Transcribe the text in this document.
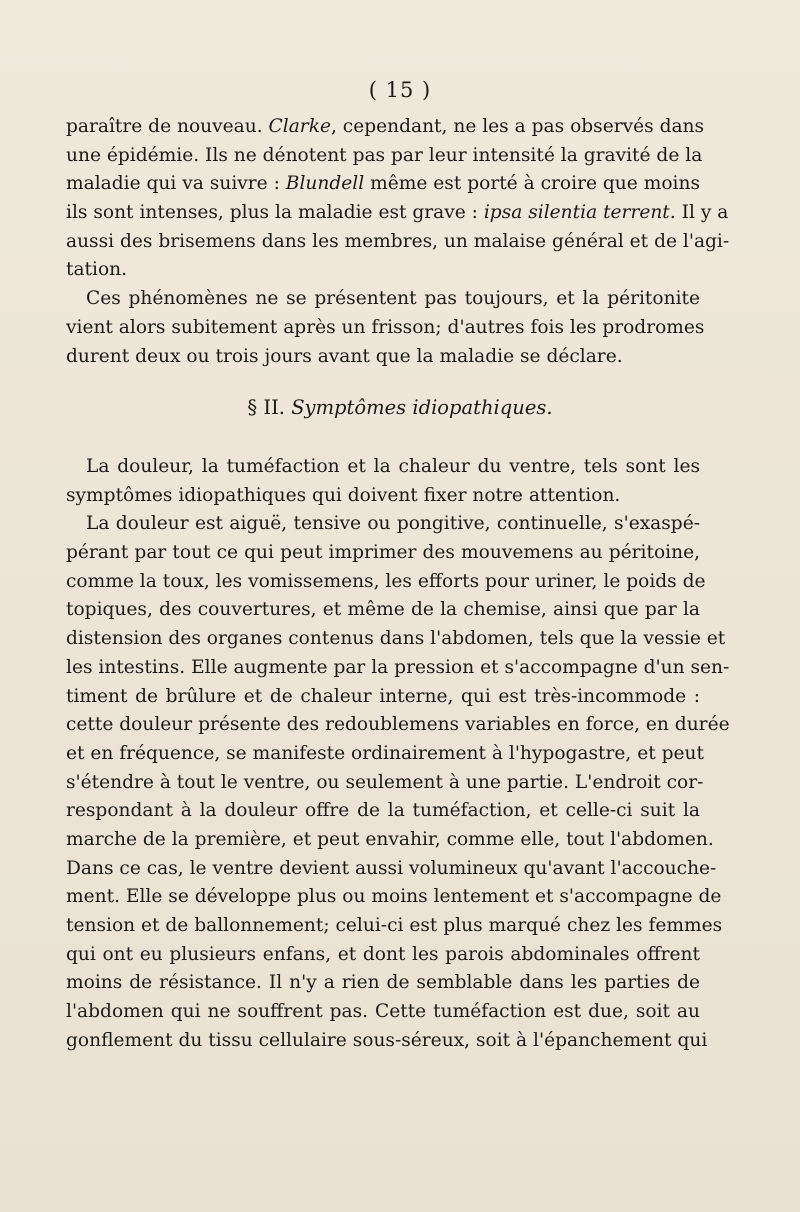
( 15 )
paraître de nouveau. Clarke, cependant, ne les a pas observés dans
une épidémie. Ils ne dénotent pas par leur intensité la gravité de la
maladie qui va suivre : Blundell même est porté à croire que moins
ils sont intenses, plus la maladie est grave : ipsa silentia terrent. Il y a
aussi des brisemens dans les membres, un malaise général et de l'agi-
tation.
Ces phénomènes ne se présentent pas toujours, et la péritonite
vient alors subitement après un frisson; d'autres fois les prodromes
durent deux ou trois jours avant que la maladie se déclare.
§ II. Symptômes idiopathiques.
La douleur, la tuméfaction et la chaleur du ventre, tels sont les
symptômes idiopathiques qui doivent fixer notre attention.
La douleur est aiguë, tensive ou pongitive, continuelle, s'exaspé-
pérant par tout ce qui peut imprimer des mouvemens au péritoine,
comme la toux, les vomissemens, les efforts pour uriner, le poids de
topiques, des couvertures, et même de la chemise, ainsi que par la
distension des organes contenus dans l'abdomen, tels que la vessie et
les intestins. Elle augmente par la pression et s'accompagne d'un sen-
timent de brûlure et de chaleur interne, qui est très-incommode :
cette douleur présente des redoublemens variables en force, en durée
et en fréquence, se manifeste ordinairement à l'hypogastre, et peut
s'étendre à tout le ventre, ou seulement à une partie. L'endroit cor-
respondant à la douleur offre de la tuméfaction, et celle-ci suit la
marche de la première, et peut envahir, comme elle, tout l'abdomen.
Dans ce cas, le ventre devient aussi volumineux qu'avant l'accouche-
ment. Elle se développe plus ou moins lentement et s'accompagne de
tension et de ballonnement; celui-ci est plus marqué chez les femmes
qui ont eu plusieurs enfans, et dont les parois abdominales offrent
moins de résistance. Il n'y a rien de semblable dans les parties de
l'abdomen qui ne souffrent pas. Cette tuméfaction est due, soit au
gonflement du tissu cellulaire sous-séreux, soit à l'épanchement qui
